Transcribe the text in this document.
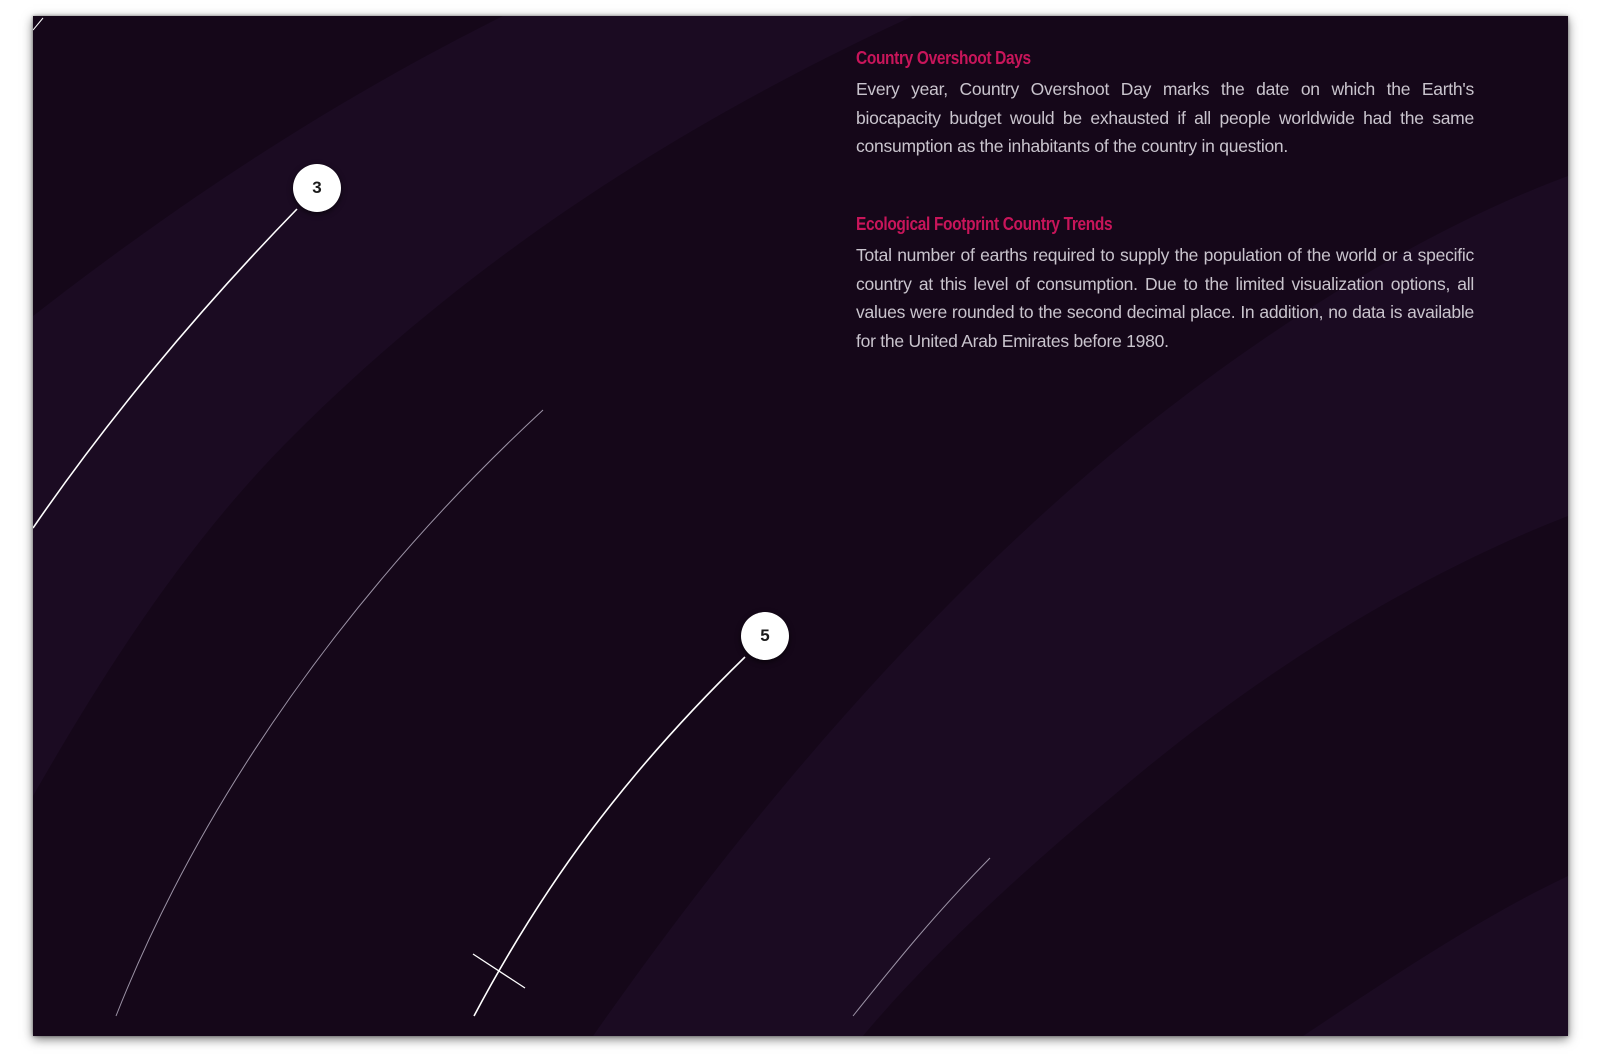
Country Overshoot Days

Every year, Country Overshoot Day marks the date on which the Earth's biocapacity budget would be exhausted if all people worldwide had the same consumption as the inhabitants of the country in question.

Ecological Footprint Country Trends

Total number of earths required to supply the population of the world or a specific country at this level of consumption. Due to the limited visualization options, all values were rounded to the second decimal place. In addition, no data is available for the United Arab Emirates before 1980.

3
5
